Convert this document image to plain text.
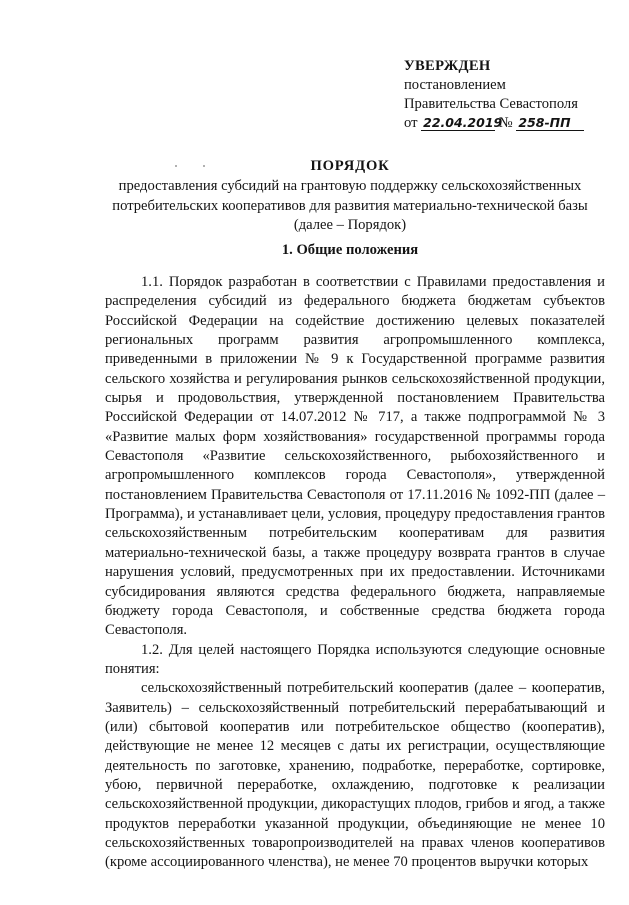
УВЕРЖДЕН
постановлением
Правительства Севастополя
от 22.04.2019 № 258-ПП
ПОРЯДОК
предоставления субсидий на грантовую поддержку сельскохозяйственных
потребительских кооперативов для развития материально-технической базы
(далее – Порядок)
1. Общие положения

1.1. Порядок разработан в соответствии с Правилами предоставления и распределения субсидий из федерального бюджета бюджетам субъектов Российской Федерации на содействие достижению целевых показателей региональных программ развития агропромышленного комплекса, приведенными в приложении № 9 к Государственной программе развития сельского хозяйства и регулирования рынков сельскохозяйственной продукции, сырья и продовольствия, утвержденной постановлением Правительства Российской Федерации от 14.07.2012 № 717, а также подпрограммой № 3 «Развитие малых форм хозяйствования» государственной программы города Севастополя «Развитие сельскохозяйственного, рыбохозяйственного и агропромышленного комплексов города Севастополя», утвержденной постановлением Правительства Севастополя от 17.11.2016 № 1092-ПП (далее – Программа), и устанавливает цели, условия, процедуру предоставления грантов сельскохозяйственным потребительским кооперативам для развития материально-технической базы, а также процедуру возврата грантов в случае нарушения условий, предусмотренных при их предоставлении. Источниками субсидирования являются средства федерального бюджета, направляемые бюджету города Севастополя, и собственные средства бюджета города Севастополя.

1.2. Для целей настоящего Порядка используются следующие основные понятия:

сельскохозяйственный потребительский кооператив (далее – кооператив, Заявитель) – сельскохозяйственный потребительский перерабатывающий и (или) сбытовой кооператив или потребительское общество (кооператив), действующие не менее 12 месяцев с даты их регистрации, осуществляющие деятельность по заготовке, хранению, подработке, переработке, сортировке, убою, первичной переработке, охлаждению, подготовке к реализации сельскохозяйственной продукции, дикорастущих плодов, грибов и ягод, а также продуктов переработки указанной продукции, объединяющие не менее 10 сельскохозяйственных товаропроизводителей на правах членов кооперативов (кроме ассоциированного членства), не менее 70 процентов выручки которых
